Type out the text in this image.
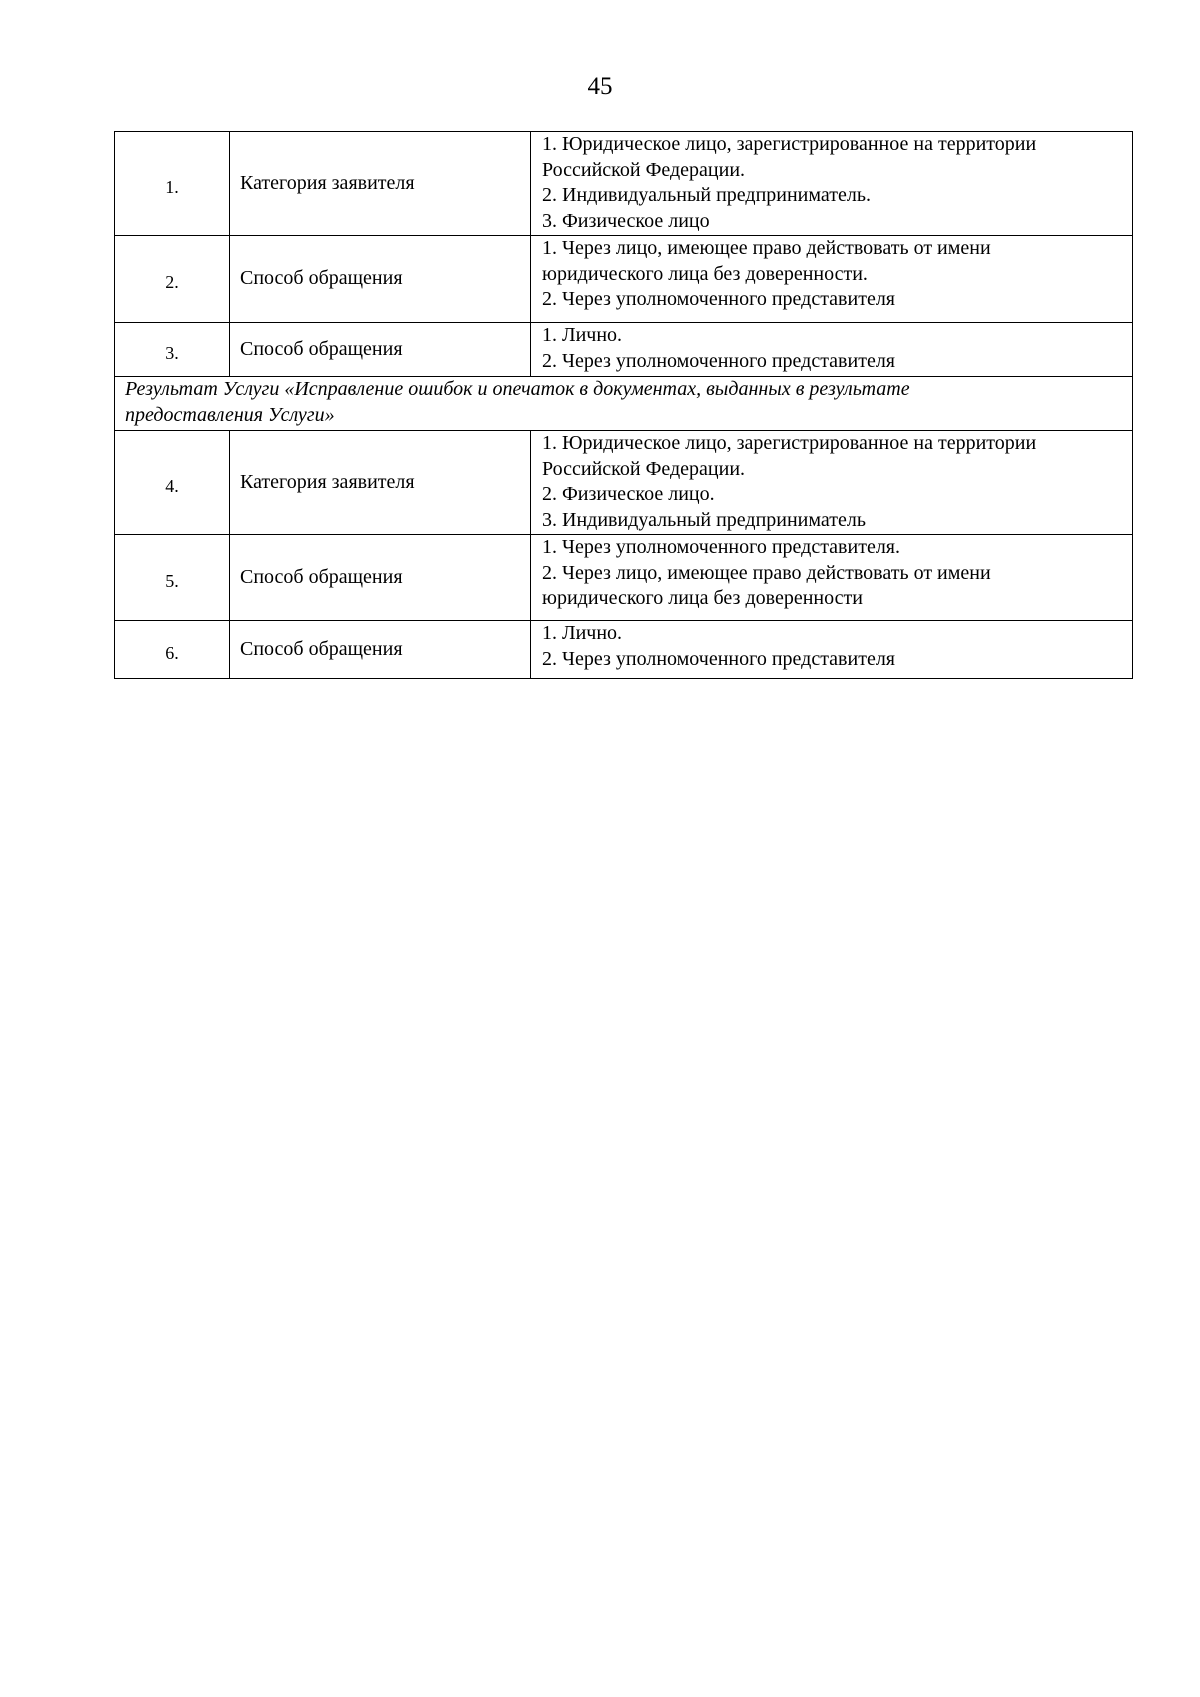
45
1.	Категория заявителя	1. Юридическое лицо, зарегистрированное на территории
Российской Федерации.
2. Индивидуальный предприниматель.
3. Физическое лицо

2.	Способ обращения	1. Через лицо, имеющее право действовать от имени
юридического лица без доверенности.
2. Через уполномоченного представителя

3.	Способ обращения	1. Лично.
2. Через уполномоченного представителя

Результат Услуги «Исправление ошибок и опечаток в документах, выданных в результате
предоставления Услуги»		

4.	Категория заявителя	1. Юридическое лицо, зарегистрированное на территории
Российской Федерации.
2. Физическое лицо.
3. Индивидуальный предприниматель

5.	Способ обращения	1. Через уполномоченного представителя.
2. Через лицо, имеющее право действовать от имени
юридического лица без доверенности

6.	Способ обращения	1. Лично.
2. Через уполномоченного представителя
